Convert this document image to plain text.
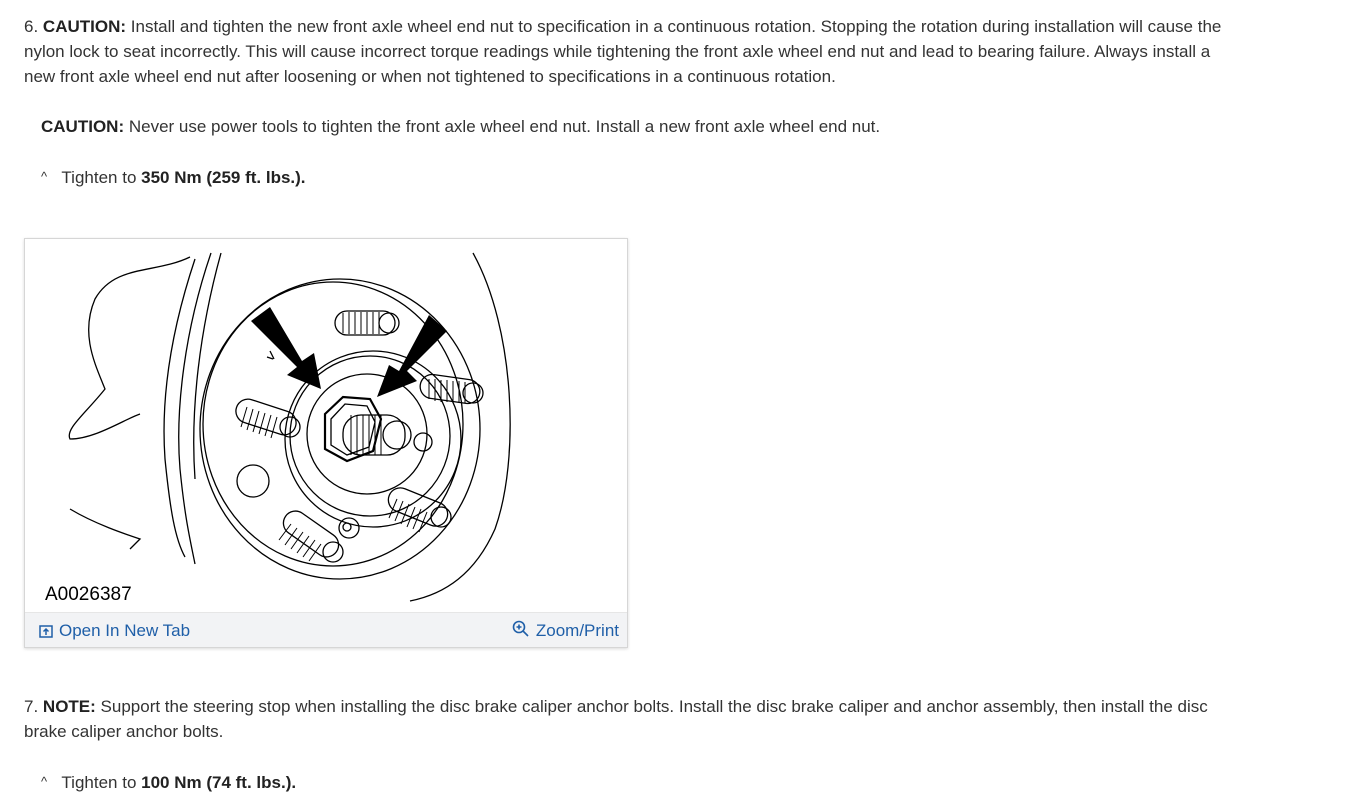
6. CAUTION: Install and tighten the new front axle wheel end nut to specification in a continuous rotation. Stopping the rotation during installation will cause the nylon lock to seat incorrectly. This will cause incorrect torque readings while tightening the front axle wheel end nut and lead to bearing failure. Always install a new front axle wheel end nut after loosening or when not tightened to specifications in a continuous rotation.

CAUTION: Never use power tools to tighten the front axle wheel end nut. Install a new front axle wheel end nut.

^ Tighten to 350 Nm (259 ft. lbs.).

A0026387
Open In New Tab	Zoom/Print

7. NOTE: Support the steering stop when installing the disc brake caliper anchor bolts. Install the disc brake caliper and anchor assembly, then install the disc brake caliper anchor bolts.

^ Tighten to 100 Nm (74 ft. lbs.).
